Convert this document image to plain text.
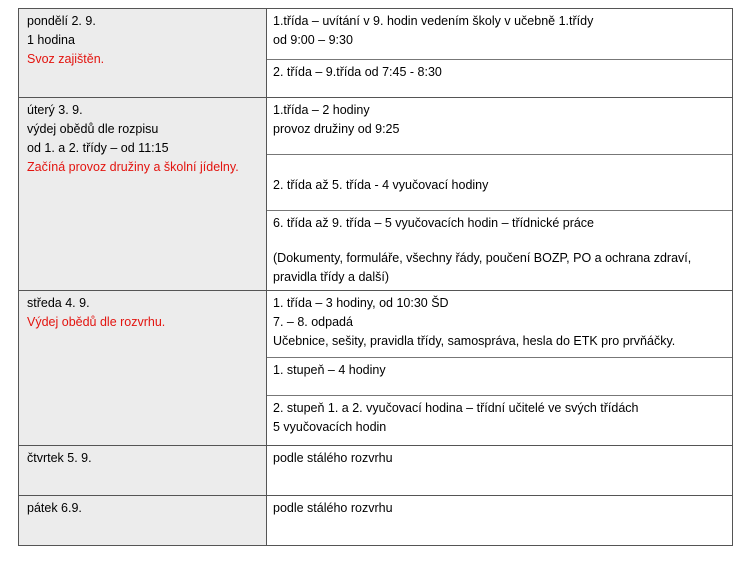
pondělí 2. 9.
1 hodina
Svoz zajištěn.
1.třída – uvítání v 9. hodin vedením školy v učebně 1.třídy
od 9:00 – 9:30
2. třída – 9.třída od 7:45 - 8:30
úterý 3. 9.
výdej obědů dle rozpisu
od 1. a 2. třídy – od 11:15
Začíná provoz družiny a školní jídelny.
1.třída – 2 hodiny
provoz družiny od 9:25
2. třída až 5. třída - 4 vyučovací hodiny
6. třída až 9. třída – 5 vyučovacích hodin – třídnické práce
(Dokumenty, formuláře, všechny řády, poučení BOZP, PO a ochrana zdraví, pravidla třídy a další)
středa 4. 9.
Výdej obědů dle rozvrhu.
1. třída – 3 hodiny, od 10:30 ŠD
7. – 8. odpadá
Učebnice, sešity, pravidla třídy, samospráva, hesla do ETK pro prvňáčky.
1. stupeň – 4 hodiny
2. stupeň 1. a 2. vyučovací hodina – třídní učitelé ve svých třídách
5 vyučovacích hodin
čtvrtek 5. 9.	podle stálého rozvrhu
pátek 6.9.	podle stálého rozvrhu
